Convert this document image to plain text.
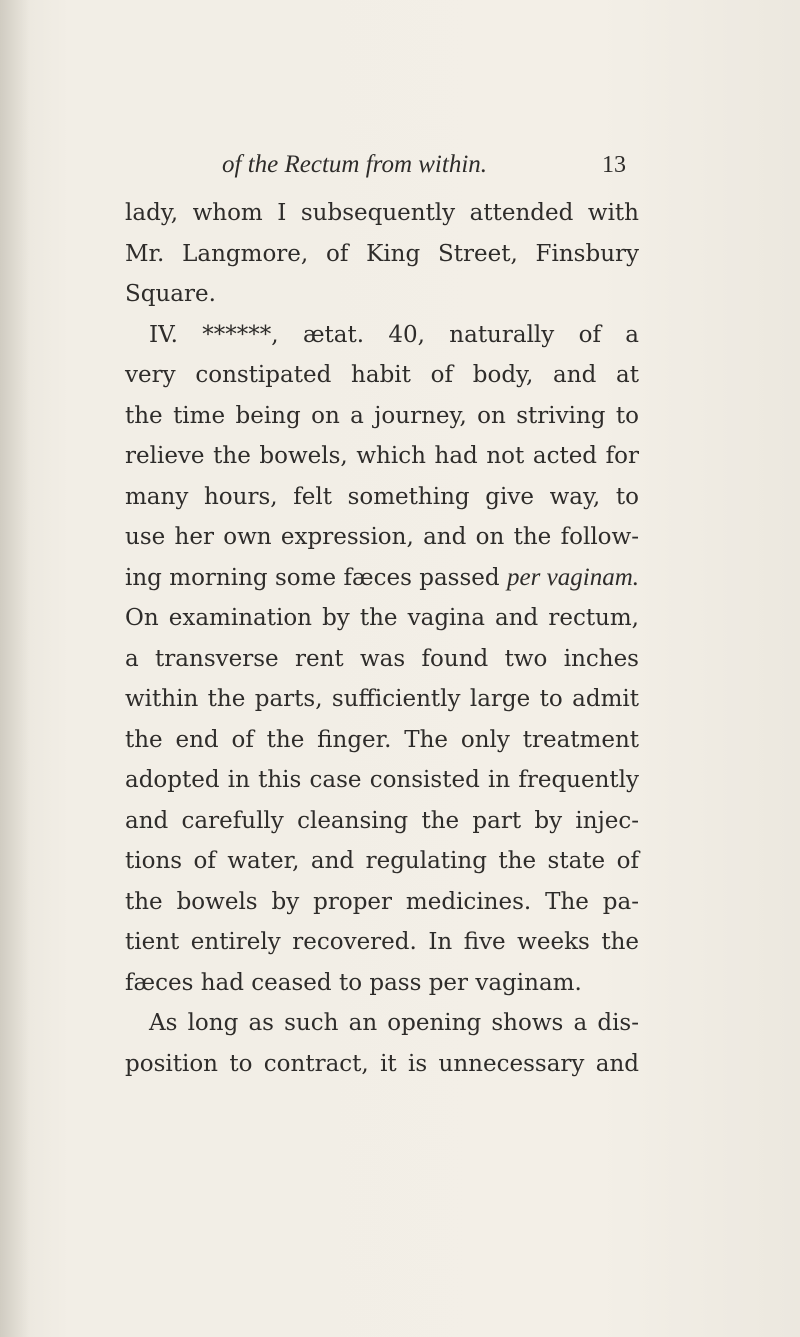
of the Rectum from within.	13
lady, whom I subsequently attended with
Mr. Langmore, of King Street, Finsbury
Square.
IV. ******, ætat. 40, naturally of a
very constipated habit of body, and at
the time being on a journey, on striving to
relieve the bowels, which had not acted for
many hours, felt something give way, to
use her own expression, and on the follow-
ing morning some fæces passed per vaginam.
On examination by the vagina and rectum,
a transverse rent was found two inches
within the parts, sufficiently large to admit
the end of the finger. The only treatment
adopted in this case consisted in frequently
and carefully cleansing the part by injec-
tions of water, and regulating the state of
the bowels by proper medicines. The pa-
tient entirely recovered. In five weeks the
fæces had ceased to pass per vaginam.
As long as such an opening shows a dis-
position to contract, it is unnecessary and
